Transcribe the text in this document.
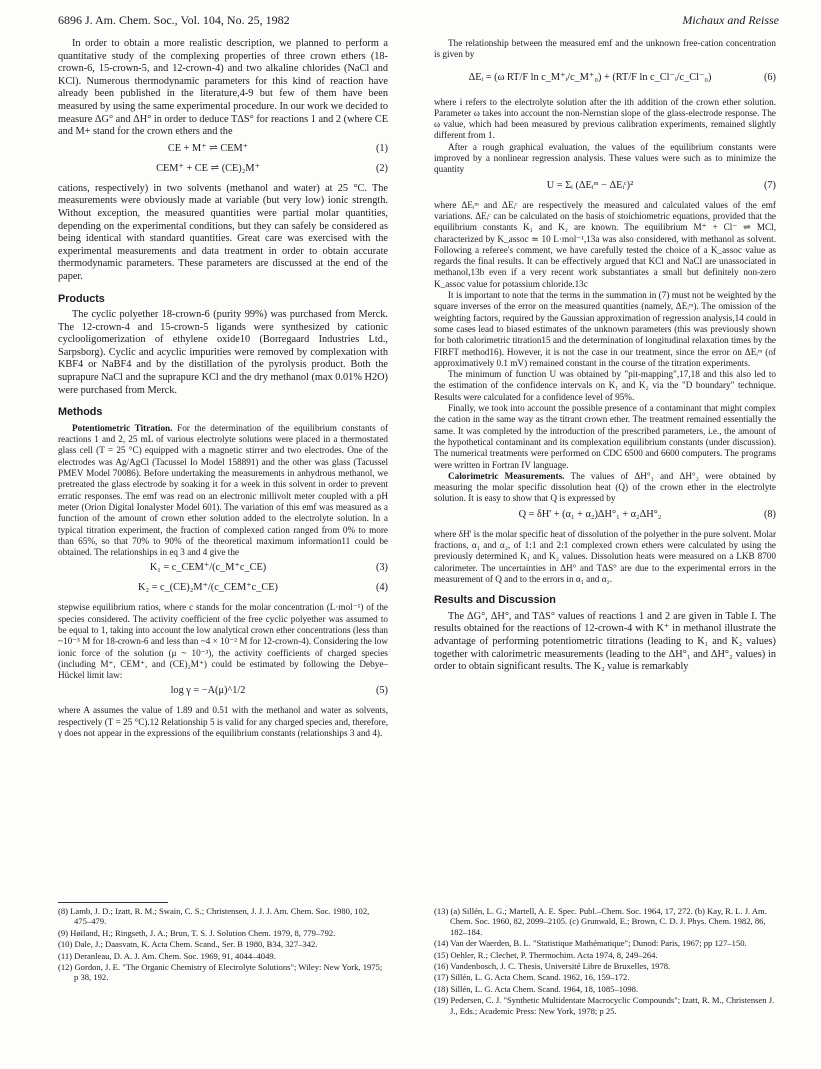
6896 J. Am. Chem. Soc., Vol. 104, No. 25, 1982	Michaux and Reisse

In order to obtain a more realistic description, we planned to perform a quantitative study of the complexing properties of three crown ethers (18-crown-6, 15-crown-5, and 12-crown-4) and two alkaline chlorides (NaCl and KCl). Numerous thermodynamic parameters for this kind of reaction have already been published in the literature,4-9 but few of them have been measured by using the same experimental procedure. In our work we decided to measure ΔG° and ΔH° in order to deduce TΔS° for reactions 1 and 2 (where CE and M+ stand for the crown ethers and the

CE + M⁺ ⇌ CEM⁺	(1)
CEM⁺ + CE ⇌ (CE)₂M⁺	(2)

cations, respectively) in two solvents (methanol and water) at 25 °C. The measurements were obviously made at variable (but very low) ionic strength. Without exception, the measured quantities were partial molar quantities, depending on the experimental conditions, but they can safely be considered as being identical with standard quantities. Great care was exercised with the experimental measurements and data treatment in order to obtain accurate thermodynamic parameters. These parameters are discussed at the end of the paper.

Products

The cyclic polyether 18-crown-6 (purity 99%) was purchased from Merck. The 12-crown-4 and 15-crown-5 ligands were synthesized by cationic cyclooligomerization of ethylene oxide10 (Borregaard Industries Ltd., Sarpsborg). Cyclic and acyclic impurities were removed by complexation with KBF4 or NaBF4 and by the distillation of the pyrolysis product. Both the suprapure NaCl and the suprapure KCl and the dry methanol (max 0.01% H2O) were purchased from Merck.

Methods

Potentiometric Titration. For the determination of the equilibrium constants of reactions 1 and 2, 25 mL of various electrolyte solutions were placed in a thermostated glass cell (T = 25 °C) equipped with a magnetic stirrer and two electrodes. One of the electrodes was Ag/AgCl (Tacussel Io Model 158891) and the other was glass (Tacussel PMEV Model 70086). Before undertaking the measurements in anhydrous methanol, we pretreated the glass electrode by soaking it for a week in this solvent in order to prevent erratic responses. The emf was read on an electronic millivolt meter coupled with a pH meter (Orion Digital Ionalyster Model 601). The variation of this emf was measured as a function of the amount of crown ether solution added to the electrolyte solution. In a typical titration experiment, the fraction of complexed cation ranged from 0% to more than 65%, so that 70% to 90% of the theoretical maximum information11 could be obtained. The relationships in eq 3 and 4 give the

K₁ = c_CEM⁺/(c_M⁺c_CE)	(3)
K₂ = c_(CE)₂M⁺/(c_CEM⁺c_CE)	(4)

stepwise equilibrium ratios, where c stands for the molar concentration (L·mol⁻¹) of the species considered. The activity coefficient of the free cyclic polyether was assumed to be equal to 1, taking into account the low analytical crown ether concentrations (less than ~10⁻³ M for 18-crown-6 and less than ~4 × 10⁻² M for 12-crown-4). Considering the low ionic force of the solution (μ ~ 10⁻³), the activity coefficients of charged species (including M⁺, CEM⁺, and (CE)₂M⁺) could be estimated by following the Debye–Hückel limit law:

log γ = −A(μ)^1/2	(5)

where A assumes the value of 1.89 and 0.51 with the methanol and water as solvents, respectively (T = 25 °C).12 Relationship 5 is valid for any charged species and, therefore, γ does not appear in the expressions of the equilibrium constants (relationships 3 and 4).

The relationship between the measured emf and the unknown free-cation concentration is given by

ΔEᵢ = (ω RT/F ln c_M⁺ᵢ/c_M⁺₀) + (RT/F ln c_Cl⁻ᵢ/c_Cl⁻₀)	(6)

where i refers to the electrolyte solution after the ith addition of the crown ether solution. Parameter ω takes into account the non-Nernstian slope of the glass-electrode response. The ω value, which had been measured by previous calibration experiments, remained slightly different from 1.

After a rough graphical evaluation, the values of the equilibrium constants were improved by a nonlinear regression analysis. These values were such as to minimize the quantity

U = Σᵢ (ΔEᵢᵐ − ΔEᵢᶜ)²	(7)

where ΔEᵢᵐ and ΔEᵢᶜ are respectively the measured and calculated values of the emf variations. ΔEᵢᶜ can be calculated on the basis of stoichiometric equations, provided that the equilibrium constants K₁ and K₂ are known. The equilibrium M⁺ + Cl⁻ ⇌ MCl, characterized by K_assoc ≃ 10 L·mol⁻¹,13a was also considered, with methanol as solvent. Following a referee's comment, we have carefully tested the choice of a K_assoc value as regards the final results. It can be effectively argued that KCl and NaCl are unassociated in methanol,13b even if a very recent work substantiates a small but definitely non-zero K_assoc value for potassium chloride.13c

It is important to note that the terms in the summation in (7) must not be weighted by the square inverses of the error on the measured quantities (namely, ΔEᵢᵐ). The omission of the weighting factors, required by the Gaussian approximation of regression analysis,14 could in some cases lead to biased estimates of the unknown parameters (this was previously shown for both calorimetric titration15 and the determination of longitudinal relaxation times by the FIRFT method16). However, it is not the case in our treatment, since the error on ΔEᵢᵐ (of approximatively 0.1 mV) remained constant in the course of the titration experiments.

The minimum of function U was obtained by "pit-mapping",17,18 and this also led to the estimation of the confidence intervals on K₁ and K₂ via the "D boundary" technique. Results were calculated for a confidence level of 95%.

Finally, we took into account the possible presence of a contaminant that might complex the cation in the same way as the titrant crown ether. The treatment remained essentially the same. It was completed by the introduction of the prescribed parameters, i.e., the amount of the hypothetical contaminant and its complexation equilibrium constants (under discussion). The numerical treatments were performed on CDC 6500 and 6600 computers. The programs were written in Fortran IV language.

Calorimetric Measurements. The values of ΔH°₁ and ΔH°₂ were obtained by measuring the molar specific dissolution heat (Q) of the crown ether in the electrolyte solution. It is easy to show that Q is expressed by

Q = δH' + (α₁ + α₂)ΔH°₁ + α₂ΔH°₂	(8)

where δH' is the molar specific heat of dissolution of the polyether in the pure solvent. Molar fractions, α₁ and α₂, of 1:1 and 2:1 complexed crown ethers were calculated by using the previously determined K₁ and K₂ values. Dissolution heats were measured on a LKB 8700 calorimeter. The uncertainties in ΔH° and TΔS° are due to the experimental errors in the measurement of Q and to the errors in α₁ and α₂.

Results and Discussion

The ΔG°, ΔH°, and TΔS° values of reactions 1 and 2 are given in Table I. The results obtained for the reactions of 12-crown-4 with K⁺ in methanol illustrate the advantage of performing potentiometric titrations (leading to K₁ and K₂ values) together with calorimetric measurements (leading to the ΔH°₁ and ΔH°₂ values) in order to obtain significant results. The K₂ value is remarkably

(8) Lamb, J. D.; Izatt, R. M.; Swain, C. S.; Christensen, J. J. J. Am. Chem. Soc. 1980, 102, 475–479.

(9) Høiland, H.; Ringseth, J. A.; Brun, T. S. J. Solution Chem. 1979, 8, 779–792.

(10) Dale, J.; Daasvatn, K. Acta Chem. Scand., Ser. B 1980, B34, 327–342.

(11) Deranleau, D. A. J. Am. Chem. Soc. 1969, 91, 4044–4049.

(12) Gordon, J. E. "The Organic Chemistry of Electrolyte Solutions"; Wiley: New York, 1975; p 38, 192.

(13) (a) Sillén, L. G.; Martell, A. E. Spec. Publ.–Chem. Soc. 1964, 17, 272. (b) Kay, R. L. J. Am. Chem. Soc. 1960, 82, 2099–2105. (c) Grunwald, E.; Brown, C. D. J. Phys. Chem. 1982, 86, 182–184.

(14) Van der Waerden, B. L. "Statistique Mathématique"; Dunod: Paris, 1967; pp 127–150.

(15) Oehler, R.; Clechet, P. Thermochim. Acta 1974, 8, 249–264.

(16) Vandenbosch, J. C. Thesis, Université Libre de Bruxelles, 1978.

(17) Sillén, L. G. Acta Chem. Scand. 1962, 16, 159–172.

(18) Sillén, L. G. Acta Chem. Scand. 1964, 18, 1085–1098.

(19) Pedersen, C. J. "Synthetic Multidentate Macrocyclic Compounds"; Izatt, R. M., Christensen J. J., Eds.; Academic Press: New York, 1978; p 25.
